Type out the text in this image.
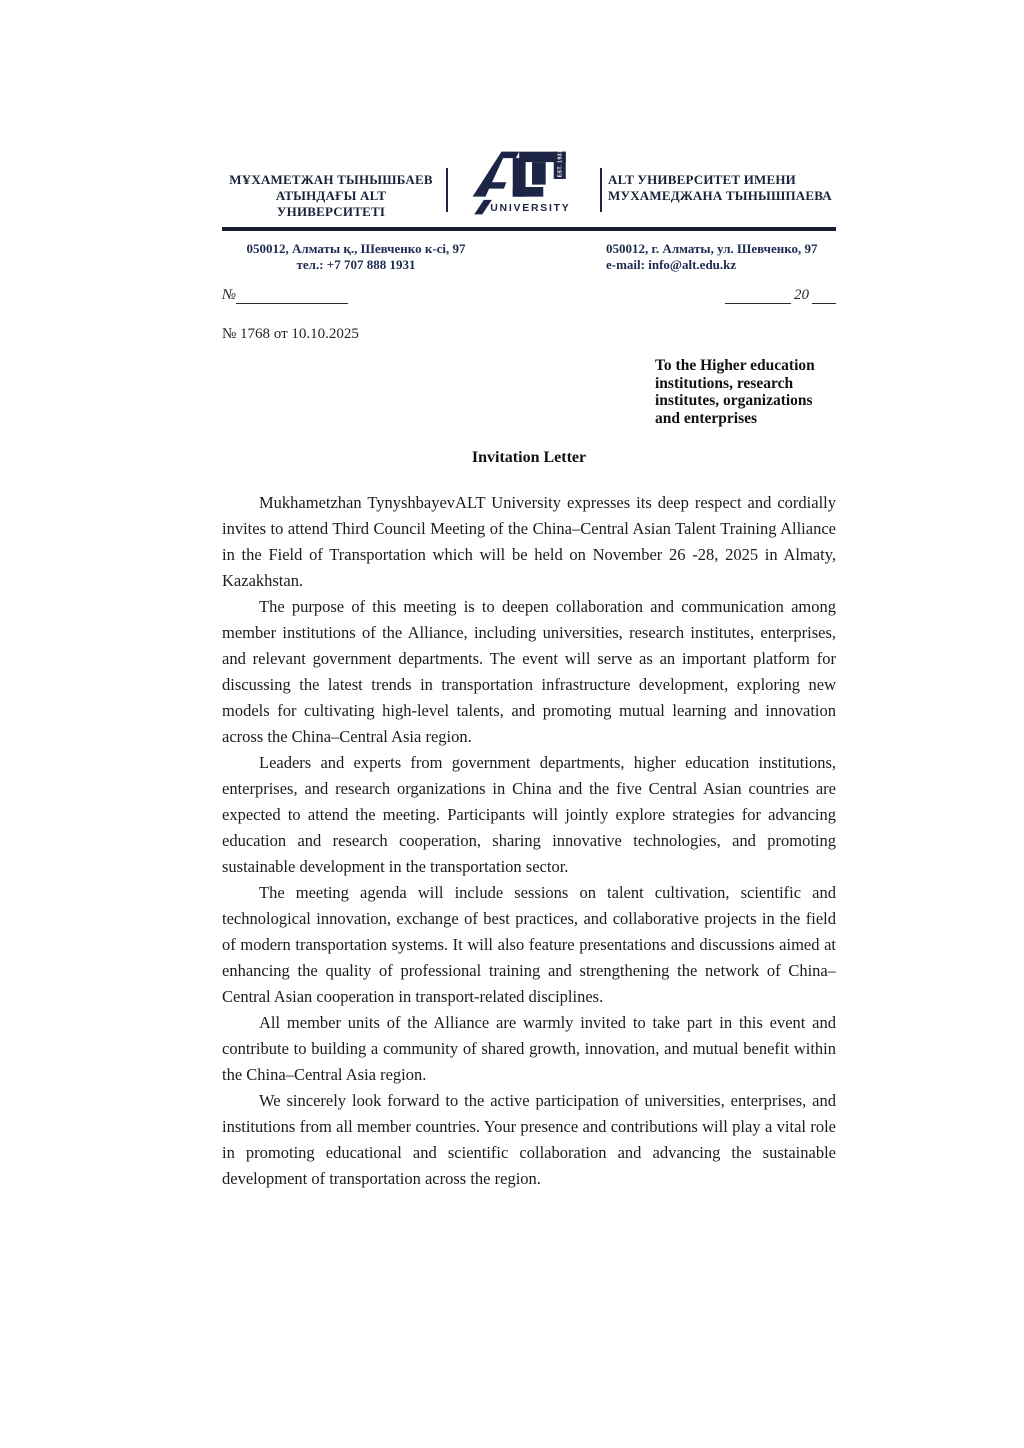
МҰХАМЕТЖАН ТЫНЫШБАЕВ
АТЫНДАҒЫ ALT УНИВЕРСИТЕТІ
EST. 1931
UNIVERSITY
ALT УНИВЕРСИТЕТ ИМЕНИ
МУХАМЕДЖАНА ТЫНЫШПАЕВА
050012, Алматы қ., Шевченко к-сі, 97
тел.: +7 707 888 1931
050012, г. Алматы, ул. Шевченко, 97
e-mail: info@alt.edu.kz
№	20
№ 1768 от 10.10.2025
To the Higher education
institutions, research
institutes, organizations
and enterprises
Invitation Letter

Mukhametzhan TynyshbayevALT University expresses its deep respect and cordially invites to attend Third Council Meeting of the China–Central Asian Talent Training Alliance in the Field of Transportation which will be held on November 26 -28, 2025 in Almaty, Kazakhstan.

The purpose of this meeting is to deepen collaboration and communication among member institutions of the Alliance, including universities, research institutes, enterprises, and relevant government departments. The event will serve as an important platform for discussing the latest trends in transportation infrastructure development, exploring new models for cultivating high-level talents, and promoting mutual learning and innovation across the China–Central Asia region.

Leaders and experts from government departments, higher education institutions, enterprises, and research organizations in China and the five Central Asian countries are expected to attend the meeting. Participants will jointly explore strategies for advancing education and research cooperation, sharing innovative technologies, and promoting sustainable development in the transportation sector.

The meeting agenda will include sessions on talent cultivation, scientific and technological innovation, exchange of best practices, and collaborative projects in the field of modern transportation systems. It will also feature presentations and discussions aimed at enhancing the quality of professional training and strengthening the network of China–Central Asian cooperation in transport-related disciplines.

All member units of the Alliance are warmly invited to take part in this event and contribute to building a community of shared growth, innovation, and mutual benefit within the China–Central Asia region.

We sincerely look forward to the active participation of universities, enterprises, and institutions from all member countries. Your presence and contributions will play a vital role in promoting educational and scientific collaboration and advancing the sustainable development of transportation across the region.
